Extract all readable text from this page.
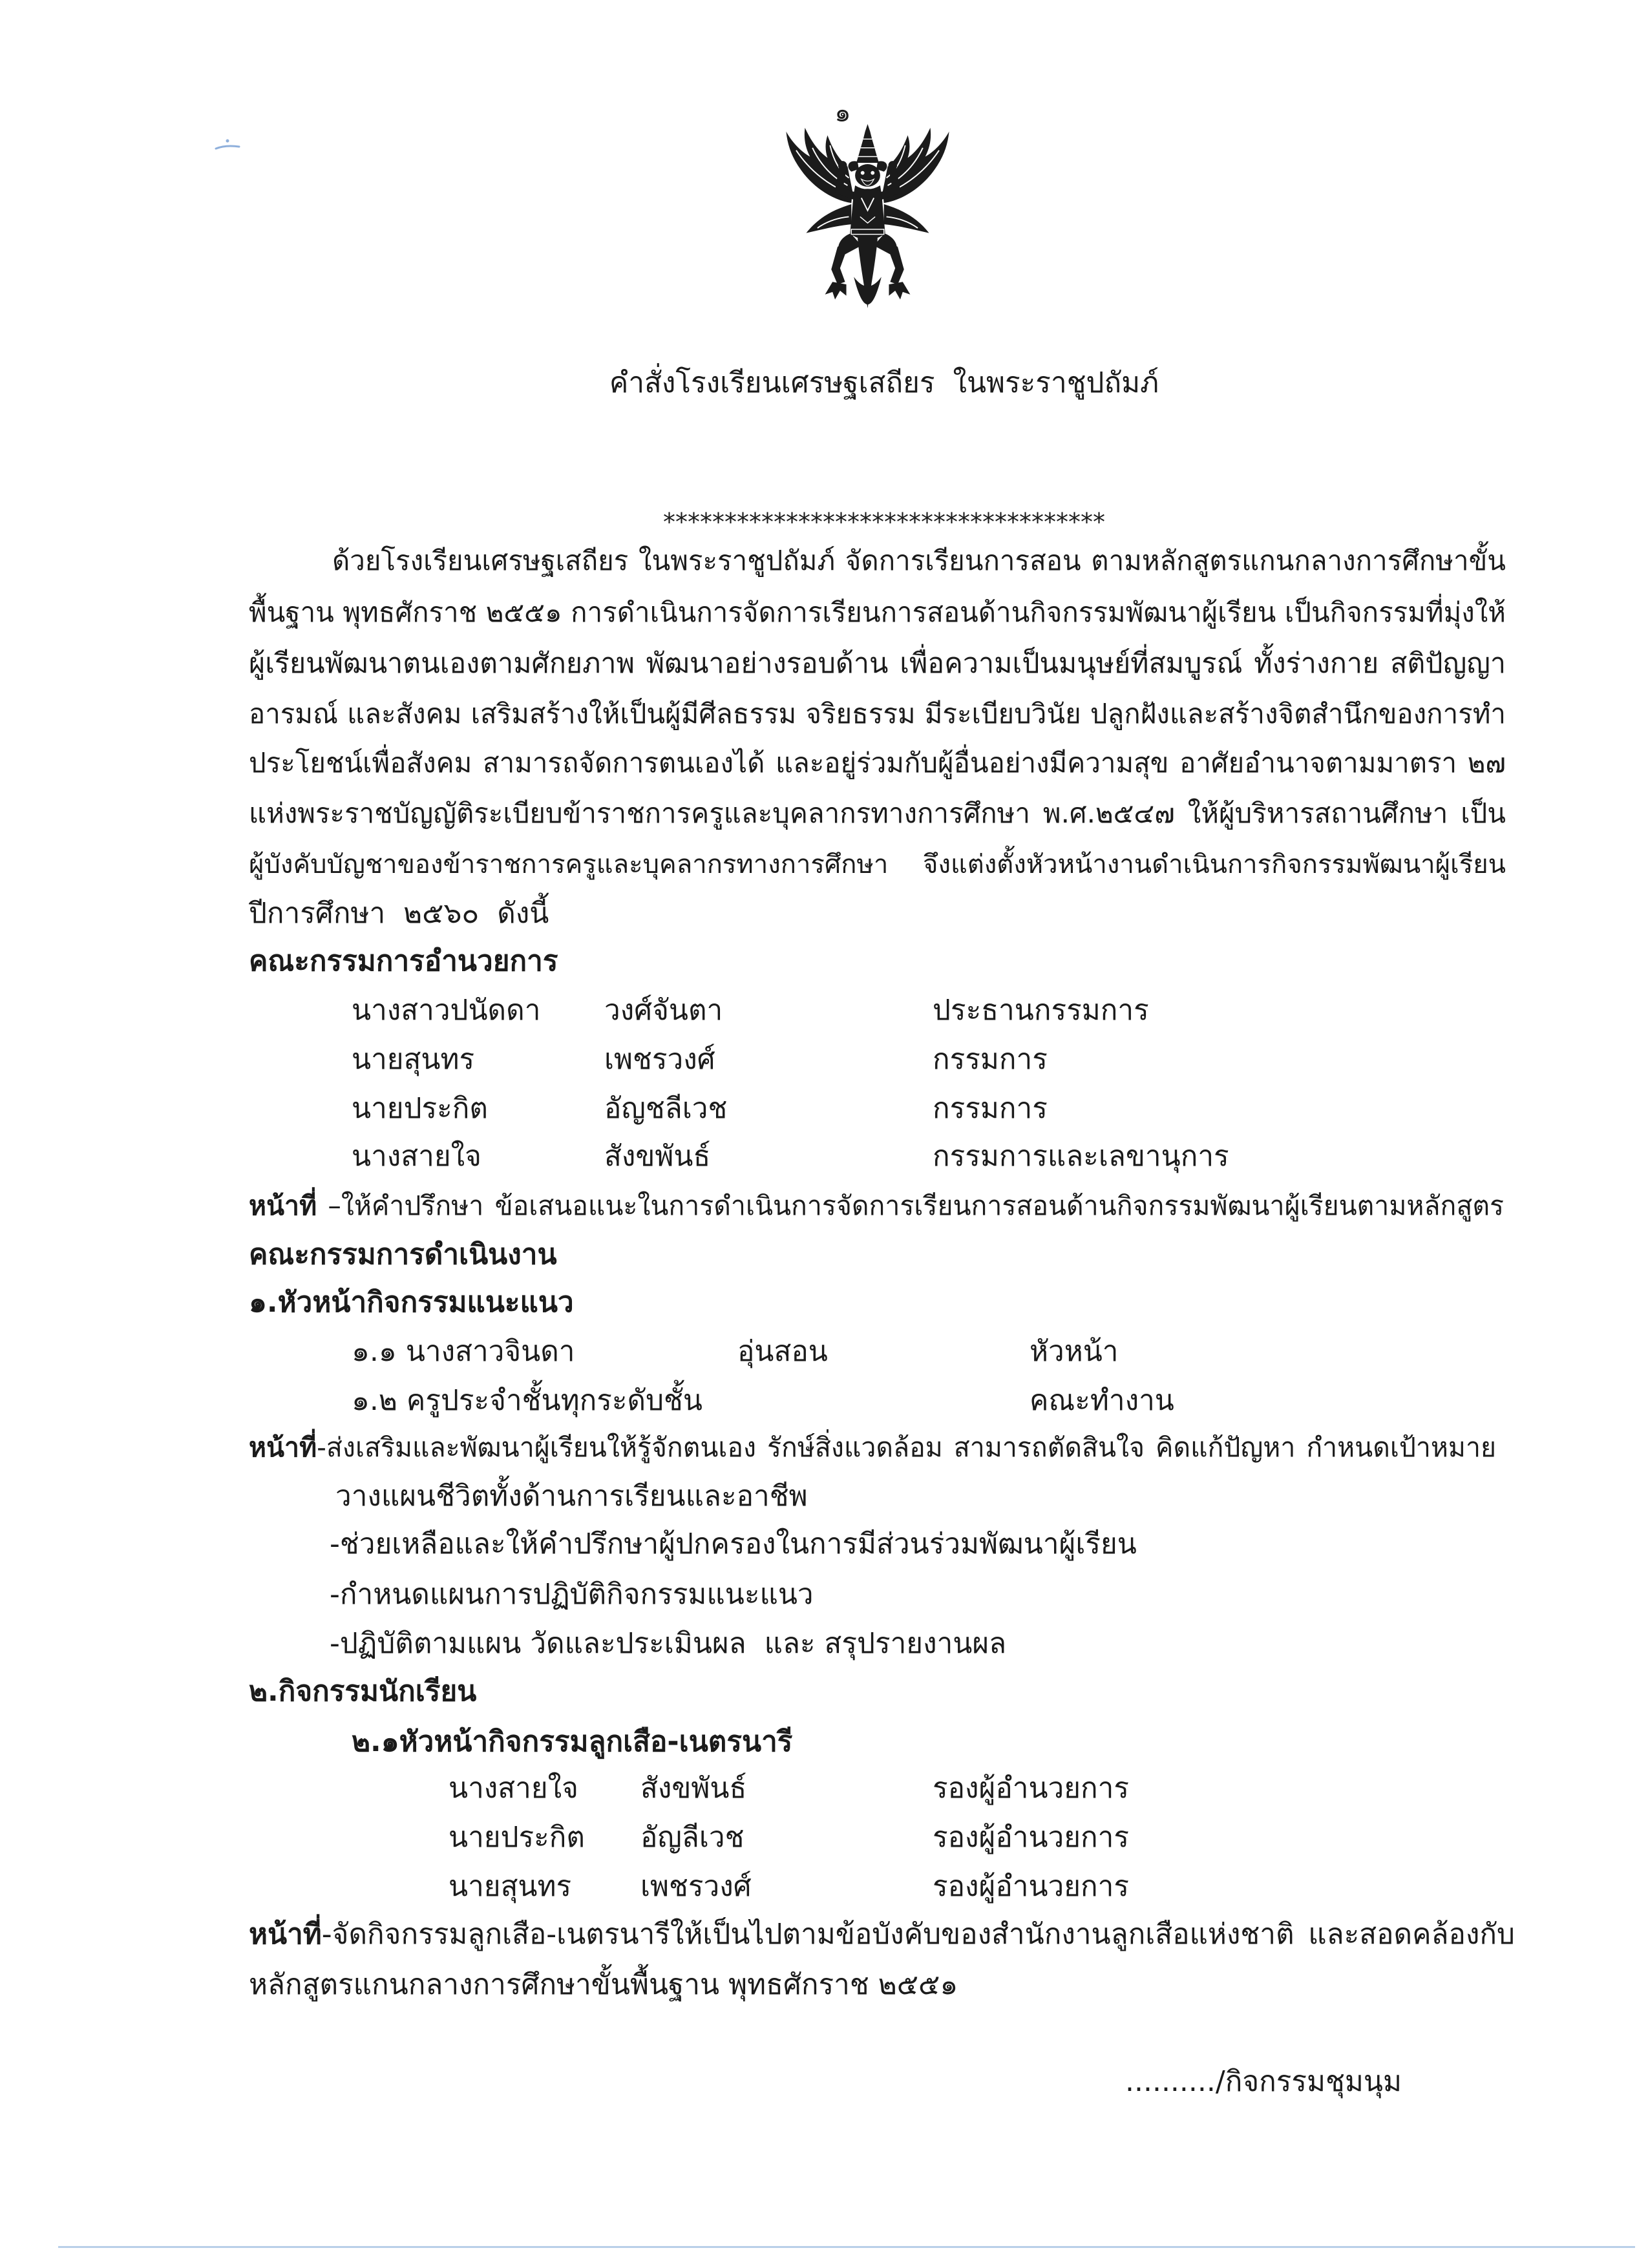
๑
คำสั่งโรงเรียนเศรษฐเสถียร  ในพระราชูปถัมภ์

************************************
ด้วยโรงเรียนเศรษฐเสถียร ในพระราชูปถัมภ์ จัดการเรียนการสอน ตามหลักสูตรแกนกลางการศึกษาขั้น
พื้นฐาน พุทธศักราช ๒๕๕๑ การดำเนินการจัดการเรียนการสอนด้านกิจกรรมพัฒนาผู้เรียน เป็นกิจกรรมที่มุ่งให้
ผู้เรียนพัฒนาตนเองตามศักยภาพ พัฒนาอย่างรอบด้าน เพื่อความเป็นมนุษย์ที่สมบูรณ์ ทั้งร่างกาย สติปัญญา
อารมณ์ และสังคม เสริมสร้างให้เป็นผู้มีศีลธรรม จริยธรรม มีระเบียบวินัย ปลูกฝังและสร้างจิตสำนึกของการทำ
ประโยชน์เพื่อสังคม สามารถจัดการตนเองได้ และอยู่ร่วมกับผู้อื่นอย่างมีความสุข อาศัยอำนาจตามมาตรา ๒๗
แห่งพระราชบัญญัติระเบียบข้าราชการครูและบุคลากรทางการศึกษา พ.ศ.๒๕๔๗ ให้ผู้บริหารสถานศึกษา เป็น
ผู้บังคับบัญชาของข้าราชการครูและบุคลากรทางการศึกษา จึงแต่งตั้งหัวหน้างานดำเนินการกิจกรรมพัฒนาผู้เรียน
ปีการศึกษา  ๒๕๖๐  ดังนี้
คณะกรรมการอำนวยการ
นางสาวปนัดดา	วงศ์จันตา	ประธานกรรมการ
นายสุนทร	เพชรวงศ์	กรรมการ
นายประกิต	อัญชลีเวช	กรรมการ
นางสายใจ	สังขพันธ์	กรรมการและเลขานุการ
หน้าที่ –ให้คำปรึกษา ข้อเสนอแนะในการดำเนินการจัดการเรียนการสอนด้านกิจกรรมพัฒนาผู้เรียนตามหลักสูตร
คณะกรรมการดำเนินงาน
๑.หัวหน้ากิจกรรมแนะแนว
๑.๑ นางสาวจินดา	อุ่นสอน	หัวหน้า
๑.๒ ครูประจำชั้นทุกระดับชั้น	คณะทำงาน
หน้าที่-ส่งเสริมและพัฒนาผู้เรียนให้รู้จักตนเอง รักษ์สิ่งแวดล้อม สามารถตัดสินใจ คิดแก้ปัญหา กำหนดเป้าหมาย
วางแผนชีวิตทั้งด้านการเรียนและอาชีพ
-ช่วยเหลือและให้คำปรึกษาผู้ปกครองในการมีส่วนร่วมพัฒนาผู้เรียน
-กำหนดแผนการปฏิบัติกิจกรรมแนะแนว
-ปฏิบัติตามแผน วัดและประเมินผล  และ สรุปรายงานผล
๒.กิจกรรมนักเรียน
๒.๑หัวหน้ากิจกรรมลูกเสือ-เนตรนารี
นางสายใจ	สังขพันธ์	รองผู้อำนวยการ
นายประกิต	อัญลีเวช	รองผู้อำนวยการ
นายสุนทร	เพชรวงศ์	รองผู้อำนวยการ
หน้าที่-จัดกิจกรรมลูกเสือ-เนตรนารีให้เป็นไปตามข้อบังคับของสำนักงานลูกเสือแห่งชาติ และสอดคล้องกับ
หลักสูตรแกนกลางการศึกษาขั้นพื้นฐาน พุทธศักราช ๒๕๕๑
........../กิจกรรมชุมนุม
